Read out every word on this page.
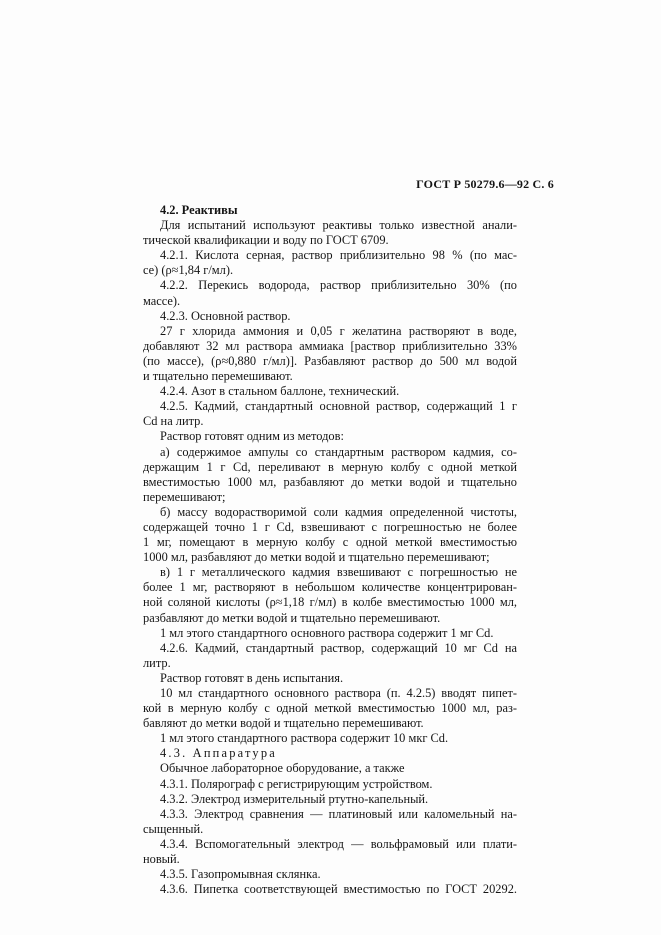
ГОСТ Р 50279.6—92 С. 6
4.2. Реактивы
Для испытаний используют реактивы только известной анали-
тической квалификации и воду по ГОСТ 6709.
4.2.1. Кислота серная, раствор приблизительно 98 % (по мас-
се) (ρ≈1,84 г/мл).
4.2.2. Перекись водорода, раствор приблизительно 30% (по
массе).
4.2.3. Основной раствор.
27 г хлорида аммония и 0,05 г желатина растворяют в воде,
добавляют 32 мл раствора аммиака [раствор приблизительно 33%
(по массе), (ρ≈0,880 г/мл)]. Разбавляют раствор до 500 мл водой
и тщательно перемешивают.
4.2.4. Азот в стальном баллоне, технический.
4.2.5. Кадмий, стандартный основной раствор, содержащий 1 г
Cd на литр.
Раствор готовят одним из методов:
а) содержимое ампулы со стандартным раствором кадмия, со-
держащим 1 г Cd, переливают в мерную колбу с одной меткой
вместимостью 1000 мл, разбавляют до метки водой и тщательно
перемешивают;
б) массу водорастворимой соли кадмия определенной чистоты,
содержащей точно 1 г Cd, взвешивают с погрешностью не более
1 мг, помещают в мерную колбу с одной меткой вместимостью
1000 мл, разбавляют до метки водой и тщательно перемешивают;
в) 1 г металлического кадмия взвешивают с погрешностью не
более 1 мг, растворяют в небольшом количестве концентрирован-
ной соляной кислоты (ρ≈1,18 г/мл) в колбе вместимостью 1000 мл,
разбавляют до метки водой и тщательно перемешивают.
1 мл этого стандартного основного раствора содержит 1 мг Cd.
4.2.6. Кадмий, стандартный раствор, содержащий 10 мг Cd на
литр.
Раствор готовят в день испытания.
10 мл стандартного основного раствора (п. 4.2.5) вводят пипет-
кой в мерную колбу с одной меткой вместимостью 1000 мл, раз-
бавляют до метки водой и тщательно перемешивают.
1 мл этого стандартного раствора содержит 10 мкг Cd.
4.3. Аппаратура
Обычное лабораторное оборудование, а также
4.3.1. Полярограф с регистрирующим устройством.
4.3.2. Электрод измерительный ртутно-капельный.
4.3.3. Электрод сравнения — платиновый или каломельный на-
сыщенный.
4.3.4. Вспомогательный электрод — вольфрамовый или плати-
новый.
4.3.5. Газопромывная склянка.
4.3.6. Пипетка соответствующей вместимостью по ГОСТ 20292.
